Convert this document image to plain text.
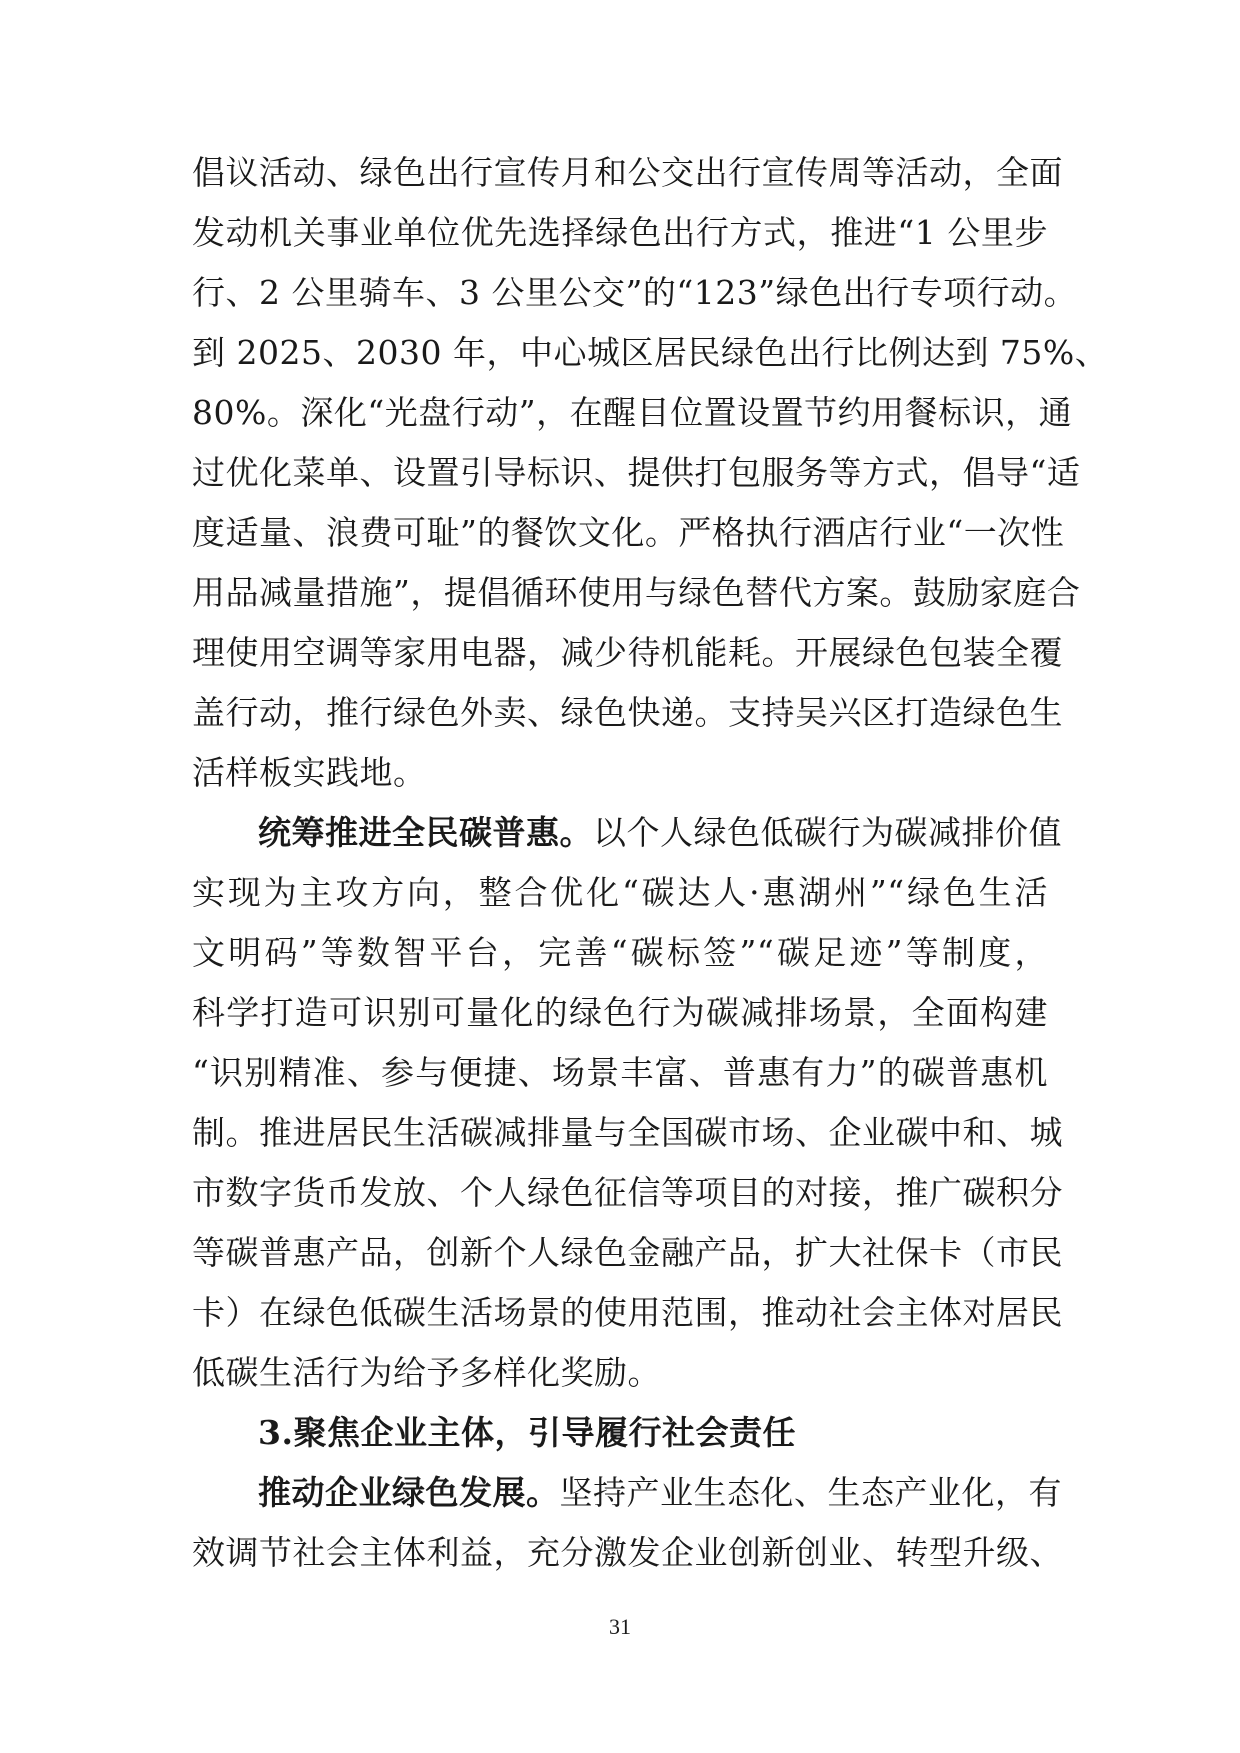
倡议活动、绿色出行宣传月和公交出行宣传周等活动，全面
发动机关事业单位优先选择绿色出行方式，推进“1 公里步
行、2 公里骑车、3 公里公交”的“123”绿色出行专项行动。
到 2025、2030 年，中心城区居民绿色出行比例达到 75%、
80%。深化“光盘行动”，在醒目位置设置节约用餐标识，通
过优化菜单、设置引导标识、提供打包服务等方式，倡导“适
度适量、浪费可耻”的餐饮文化。严格执行酒店行业“一次性
用品减量措施”，提倡循环使用与绿色替代方案。鼓励家庭合
理使用空调等家用电器，减少待机能耗。开展绿色包装全覆
盖行动，推行绿色外卖、绿色快递。支持吴兴区打造绿色生
活样板实践地。
统筹推进全民碳普惠。以个人绿色低碳行为碳减排价值
实现为主攻方向，整合优化“碳达人·惠湖州”“绿色生活
文明码”等数智平台，完善“碳标签”“碳足迹”等制度，
科学打造可识别可量化的绿色行为碳减排场景，全面构建
“识别精准、参与便捷、场景丰富、普惠有力”的碳普惠机
制。推进居民生活碳减排量与全国碳市场、企业碳中和、城
市数字货币发放、个人绿色征信等项目的对接，推广碳积分
等碳普惠产品，创新个人绿色金融产品，扩大社保卡（市民
卡）在绿色低碳生活场景的使用范围，推动社会主体对居民
低碳生活行为给予多样化奖励。
3.聚焦企业主体，引导履行社会责任
推动企业绿色发展。坚持产业生态化、生态产业化，有
效调节社会主体利益，充分激发企业创新创业、转型升级、
31
